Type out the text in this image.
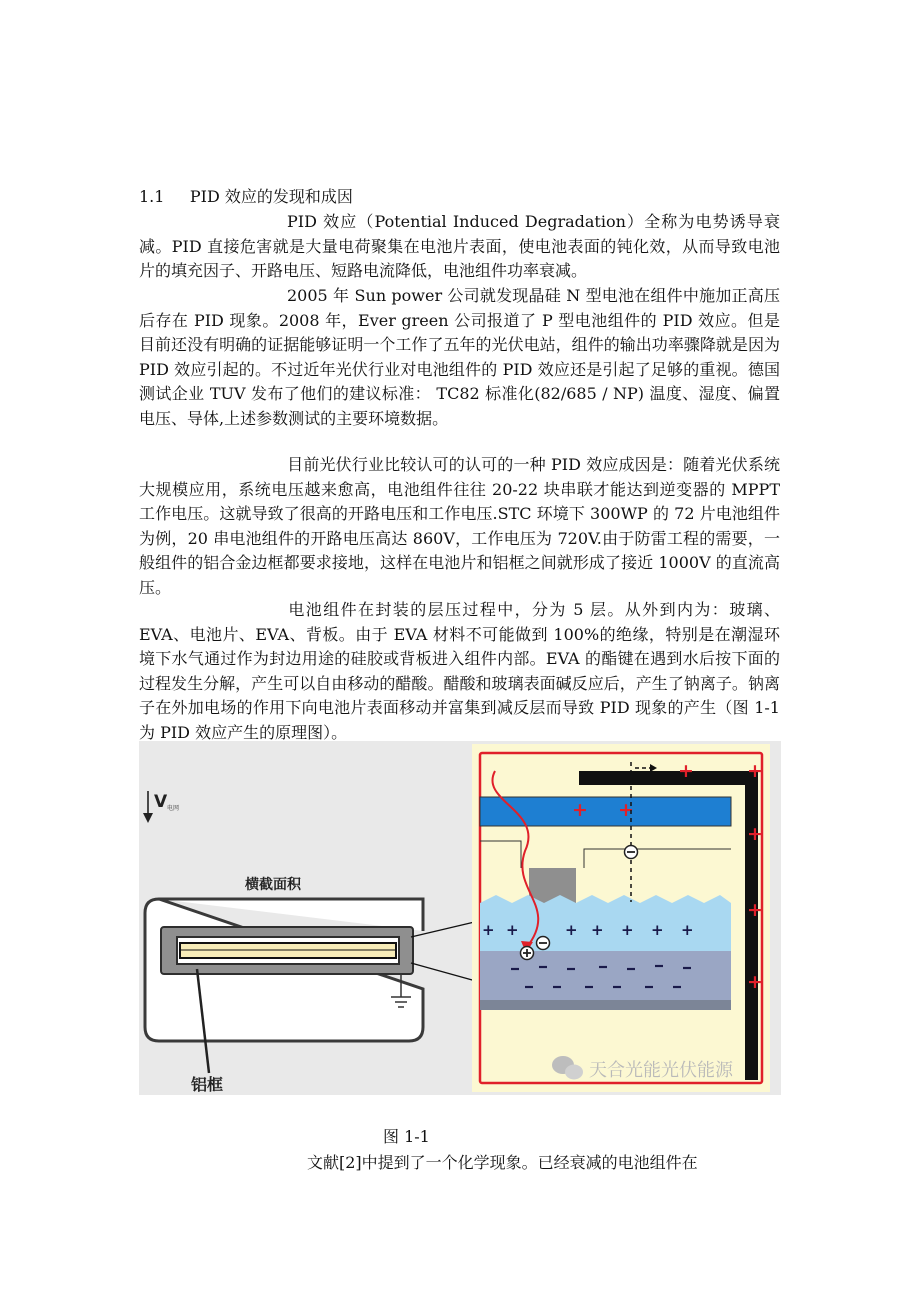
1.1 PID 效应的发现和成因
PID 效应（Potential Induced Degradation）全称为电势诱导衰减。PID 直接危害就是大量电荷聚集在电池片表面，使电池表面的钝化效，从而导致电池片的填充因子、开路电压、短路电流降低，电池组件功率衰减。
2005 年 Sun power 公司就发现晶硅 N 型电池在组件中施加正高压后存在 PID 现象。2008 年，Ever green 公司报道了 P 型电池组件的 PID 效应。但是目前还没有明确的证据能够证明一个工作了五年的光伏电站，组件的输出功率骤降就是因为 PID 效应引起的。不过近年光伏行业对电池组件的 PID 效应还是引起了足够的重视。德国测试企业 TUV 发布了他们的建议标准： TC82 标准化(82/685 / NP) 温度、湿度、偏置电压、导体,上述参数测试的主要环境数据。
目前光伏行业比较认可的认可的一种 PID 效应成因是：随着光伏系统大规模应用，系统电压越来愈高，电池组件往往 20-22 块串联才能达到逆变器的 MPPT 工作电压。这就导致了很高的开路电压和工作电压.STC 环境下 300WP 的 72 片电池组件为例，20 串电池组件的开路电压高达 860V，工作电压为 720V.由于防雷工程的需要，一般组件的铝合金边框都要求接地，这样在电池片和铝框之间就形成了接近 1000V 的直流高压。
电池组件在封装的层压过程中，分为 5 层。从外到内为：玻璃、EVA、电池片、EVA、背板。由于 EVA 材料不可能做到 100%的绝缘，特别是在潮湿环境下水气通过作为封边用途的硅胶或背板进入组件内部。EVA 的酯键在遇到水后按下面的过程发生分解，产生可以自由移动的醋酸。醋酸和玻璃表面碱反应后，产生了钠离子。钠离子在外加电场的作用下向电池片表面移动并富集到减反层而导致 PID 现象的产生（图 1-1 为 PID 效应产生的原理图）。
V 电网
横截面积
铝框
+	+
+
+
+
+ +
+ +	+ + + + +
天合光能光伏能源
图 1-1
文献[2]中提到了一个化学现象。已经衰减的电池组件在
